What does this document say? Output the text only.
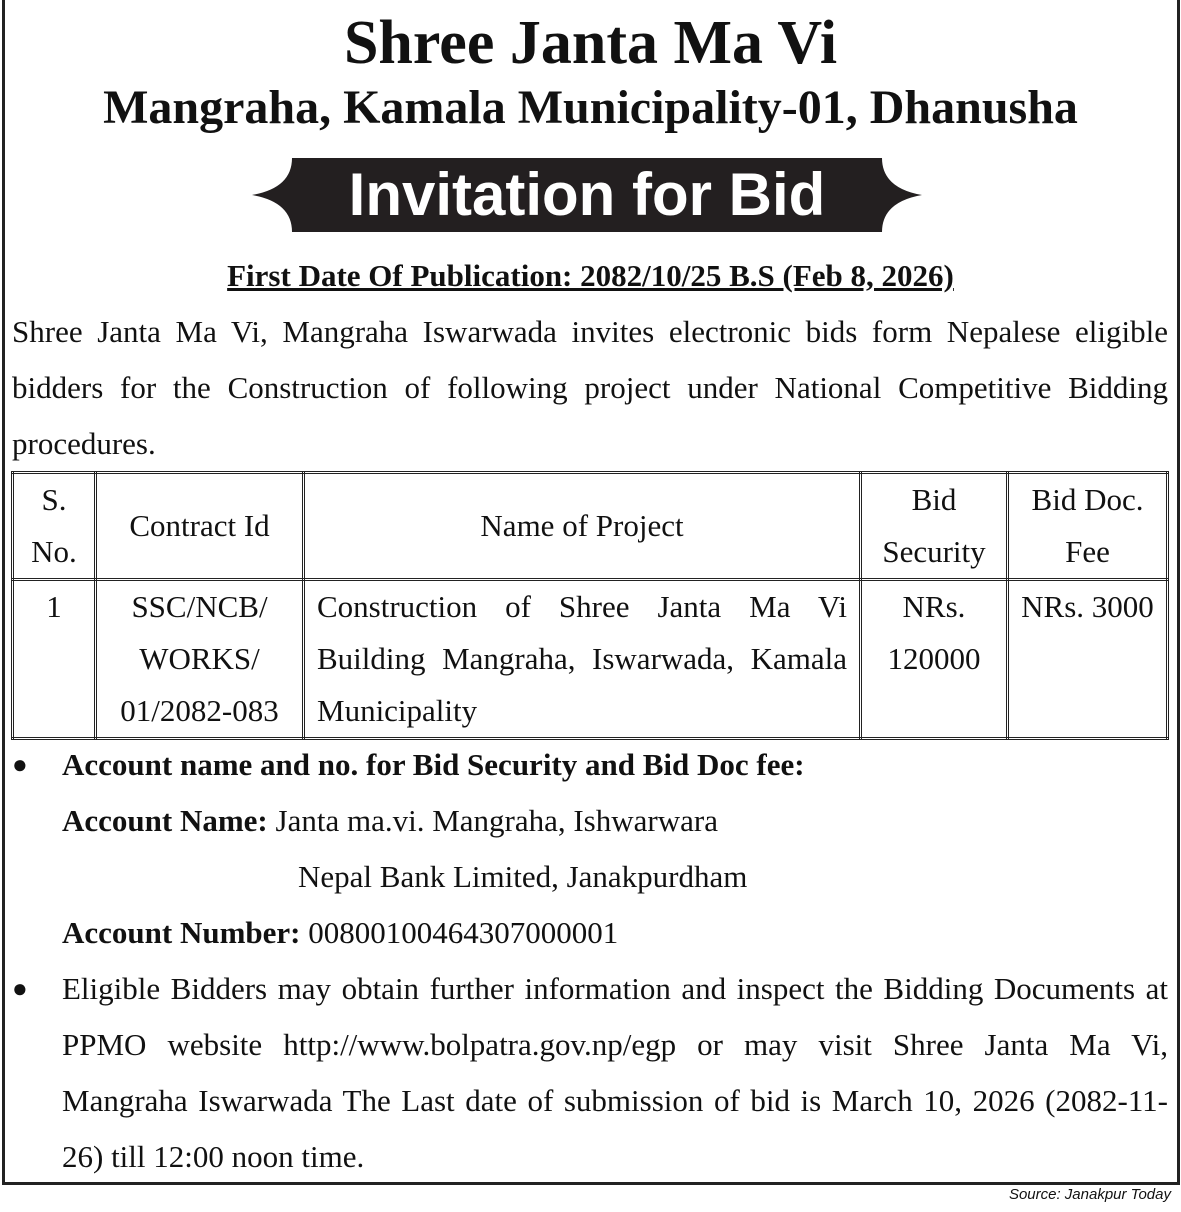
Shree Janta Ma Vi
Mangraha, Kamala Municipality-01, Dhanusha
Invitation for Bid
First Date Of Publication: 2082/10/25 B.S (Feb 8, 2026)
Shree Janta Ma Vi, Mangraha Iswarwada invites electronic bids form Nepalese eligible bidders for the Construction of following project under National Competitive Bidding procedures.
S. No.	Contract Id	Name of Project	Bid Security	Bid Doc. Fee
1	SSC/NCB/ WORKS/ 01/2082-083	Construction of Shree Janta Ma Vi Building Mangraha, Iswarwada, Kamala Municipality	NRs. 120000	NRs. 3000
● Account name and no. for Bid Security and Bid Doc fee:
Account Name: Janta ma.vi. Mangraha, Ishwarwara
Nepal Bank Limited, Janakpurdham
Account Number: 00800100464307000001
● Eligible Bidders may obtain further information and inspect the Bidding Documents at PPMO website http://www.bolpatra.gov.np/egp or may visit Shree Janta Ma Vi, Mangraha Iswarwada The Last date of submission of bid is March 10, 2026 (2082-11-26) till 12:00 noon time.
Source: Janakpur Today
